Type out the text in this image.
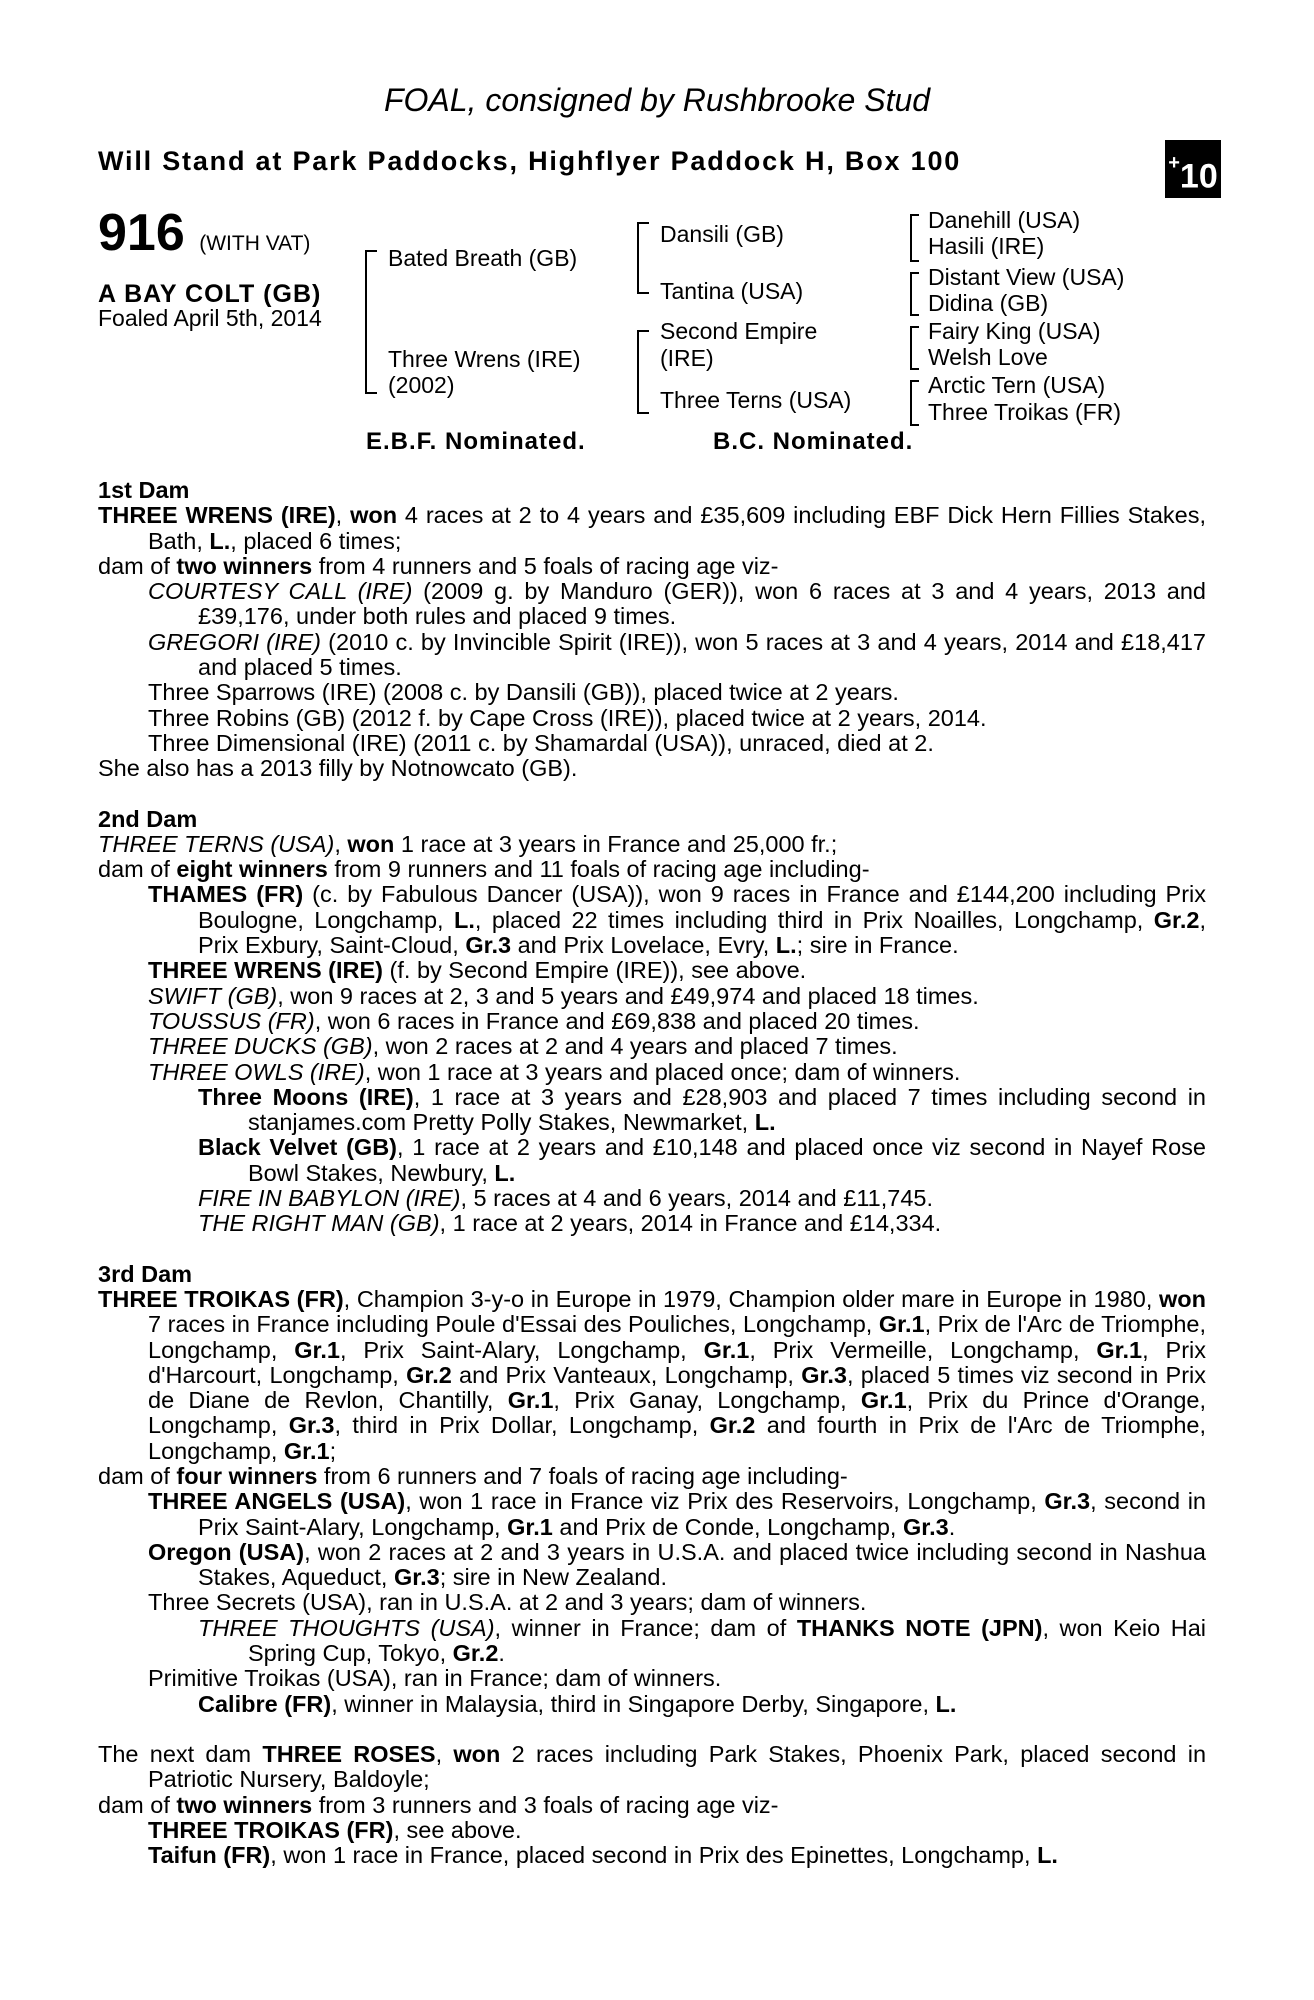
FOAL, consigned by Rushbrooke Stud
Will Stand at Park Paddocks, Highflyer Paddock H, Box 100	+10
916 (WITH VAT)
A BAY COLT (GB)
Foaled April 5th, 2014
Bated Breath (GB)
Three Wrens (IRE)
(2002)
Dansili (GB)
Tantina (USA)
Second Empire
(IRE)
Three Terns (USA)
Danehill (USA)
Hasili (IRE)
Distant View (USA)
Didina (GB)
Fairy King (USA)
Welsh Love
Arctic Tern (USA)
Three Troikas (FR)
E.B.F. Nominated.	B.C. Nominated.
1st Dam
THREE WRENS (IRE), won 4 races at 2 to 4 years and £35,609 including EBF Dick Hern Fillies Stakes, Bath, L., placed 6 times;
dam of two winners from 4 runners and 5 foals of racing age viz-
COURTESY CALL (IRE) (2009 g. by Manduro (GER)), won 6 races at 3 and 4 years, 2013 and £39,176, under both rules and placed 9 times.
GREGORI (IRE) (2010 c. by Invincible Spirit (IRE)), won 5 races at 3 and 4 years, 2014 and £18,417 and placed 5 times.
Three Sparrows (IRE) (2008 c. by Dansili (GB)), placed twice at 2 years.
Three Robins (GB) (2012 f. by Cape Cross (IRE)), placed twice at 2 years, 2014.
Three Dimensional (IRE) (2011 c. by Shamardal (USA)), unraced, died at 2.
She also has a 2013 filly by Notnowcato (GB).
2nd Dam
THREE TERNS (USA), won 1 race at 3 years in France and 25,000 fr.;
dam of eight winners from 9 runners and 11 foals of racing age including-
THAMES (FR) (c. by Fabulous Dancer (USA)), won 9 races in France and £144,200 including Prix Boulogne, Longchamp, L., placed 22 times including third in Prix Noailles, Longchamp, Gr.2, Prix Exbury, Saint-Cloud, Gr.3 and Prix Lovelace, Evry, L.; sire in France.
THREE WRENS (IRE) (f. by Second Empire (IRE)), see above.
SWIFT (GB), won 9 races at 2, 3 and 5 years and £49,974 and placed 18 times.
TOUSSUS (FR), won 6 races in France and £69,838 and placed 20 times.
THREE DUCKS (GB), won 2 races at 2 and 4 years and placed 7 times.
THREE OWLS (IRE), won 1 race at 3 years and placed once; dam of winners.
Three Moons (IRE), 1 race at 3 years and £28,903 and placed 7 times including second in stanjames.com Pretty Polly Stakes, Newmarket, L.
Black Velvet (GB), 1 race at 2 years and £10,148 and placed once viz second in Nayef Rose Bowl Stakes, Newbury, L.
FIRE IN BABYLON (IRE), 5 races at 4 and 6 years, 2014 and £11,745.
THE RIGHT MAN (GB), 1 race at 2 years, 2014 in France and £14,334.
3rd Dam
THREE TROIKAS (FR), Champion 3-y-o in Europe in 1979, Champion older mare in Europe in 1980, won 7 races in France including Poule d'Essai des Pouliches, Longchamp, Gr.1, Prix de l'Arc de Triomphe, Longchamp, Gr.1, Prix Saint-Alary, Longchamp, Gr.1, Prix Vermeille, Longchamp, Gr.1, Prix d'Harcourt, Longchamp, Gr.2 and Prix Vanteaux, Longchamp, Gr.3, placed 5 times viz second in Prix de Diane de Revlon, Chantilly, Gr.1, Prix Ganay, Longchamp, Gr.1, Prix du Prince d'Orange, Longchamp, Gr.3, third in Prix Dollar, Longchamp, Gr.2 and fourth in Prix de l'Arc de Triomphe, Longchamp, Gr.1;
dam of four winners from 6 runners and 7 foals of racing age including-
THREE ANGELS (USA), won 1 race in France viz Prix des Reservoirs, Longchamp, Gr.3, second in Prix Saint-Alary, Longchamp, Gr.1 and Prix de Conde, Longchamp, Gr.3.
Oregon (USA), won 2 races at 2 and 3 years in U.S.A. and placed twice including second in Nashua Stakes, Aqueduct, Gr.3; sire in New Zealand.
Three Secrets (USA), ran in U.S.A. at 2 and 3 years; dam of winners.
THREE THOUGHTS (USA), winner in France; dam of THANKS NOTE (JPN), won Keio Hai Spring Cup, Tokyo, Gr.2.
Primitive Troikas (USA), ran in France; dam of winners.
Calibre (FR), winner in Malaysia, third in Singapore Derby, Singapore, L.
The next dam THREE ROSES, won 2 races including Park Stakes, Phoenix Park, placed second in Patriotic Nursery, Baldoyle;
dam of two winners from 3 runners and 3 foals of racing age viz-
THREE TROIKAS (FR), see above.
Taifun (FR), won 1 race in France, placed second in Prix des Epinettes, Longchamp, L.
